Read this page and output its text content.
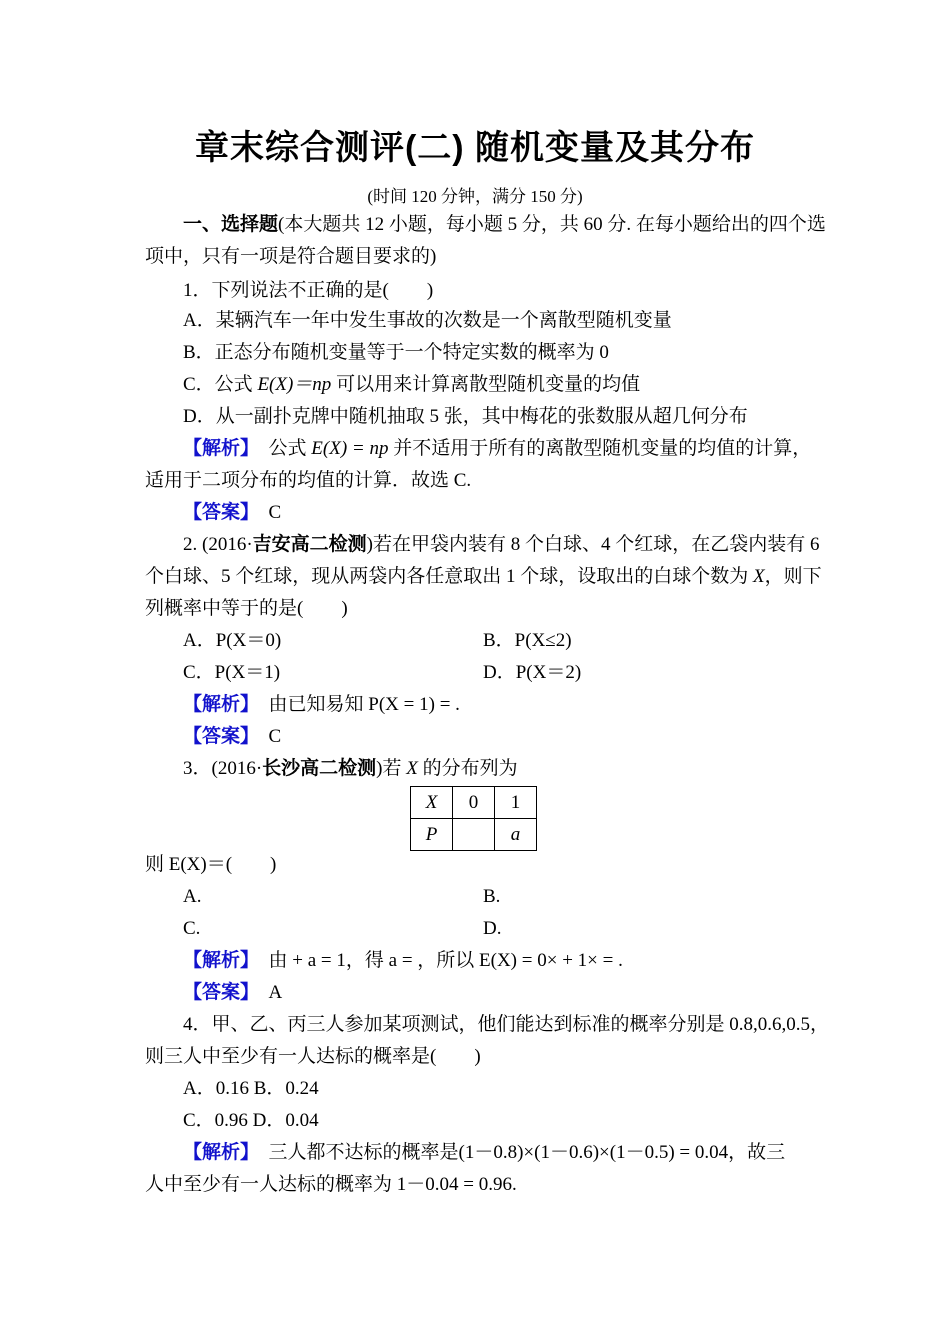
章末综合测评(二) 随机变量及其分布
(时间 120 分钟，满分 150 分)
一、选择题(本大题共 12 小题，每小题 5 分，共 60 分. 在每小题给出的四个选
项中，只有一项是符合题目要求的)
1．下列说法不正确的是(　　)
A．某辆汽车一年中发生事故的次数是一个离散型随机变量
B．正态分布随机变量等于一个特定实数的概率为 0
C．公式 E(X)＝np 可以用来计算离散型随机变量的均值
D．从一副扑克牌中随机抽取 5 张，其中梅花的张数服从超几何分布
【解析】　公式 E(X) = np 并不适用于所有的离散型随机变量的均值的计算，
适用于二项分布的均值的计算．故选 C.
【答案】　C
2. (2016·吉安高二检测)若在甲袋内装有 8 个白球、4 个红球，在乙袋内装有 6
个白球、5 个红球，现从两袋内各任意取出 1 个球，设取出的白球个数为 X，则下
列概率中等于的是(　　)
A．P(X＝0)	B．P(X≤2)
C．P(X＝1)	D．P(X＝2)
【解析】　由已知易知 P(X = 1) = .
【答案】　C
3．(2016·长沙高二检测)若 X 的分布列为
X	0	1
P		a
则 E(X)＝(　　)
A.	B.
C.	D.
【解析】　由 + a = 1，得 a = ，所以 E(X) = 0× + 1× = .
【答案】　A
4．甲、乙、丙三人参加某项测试，他们能达到标准的概率分别是 0.8,0.6,0.5，
则三人中至少有一人达标的概率是(　　)
A．0.16 B．0.24
C．0.96 D．0.04
【解析】　三人都不达标的概率是(1－0.8)×(1－0.6)×(1－0.5) = 0.04，故三
人中至少有一人达标的概率为 1－0.04 = 0.96.
